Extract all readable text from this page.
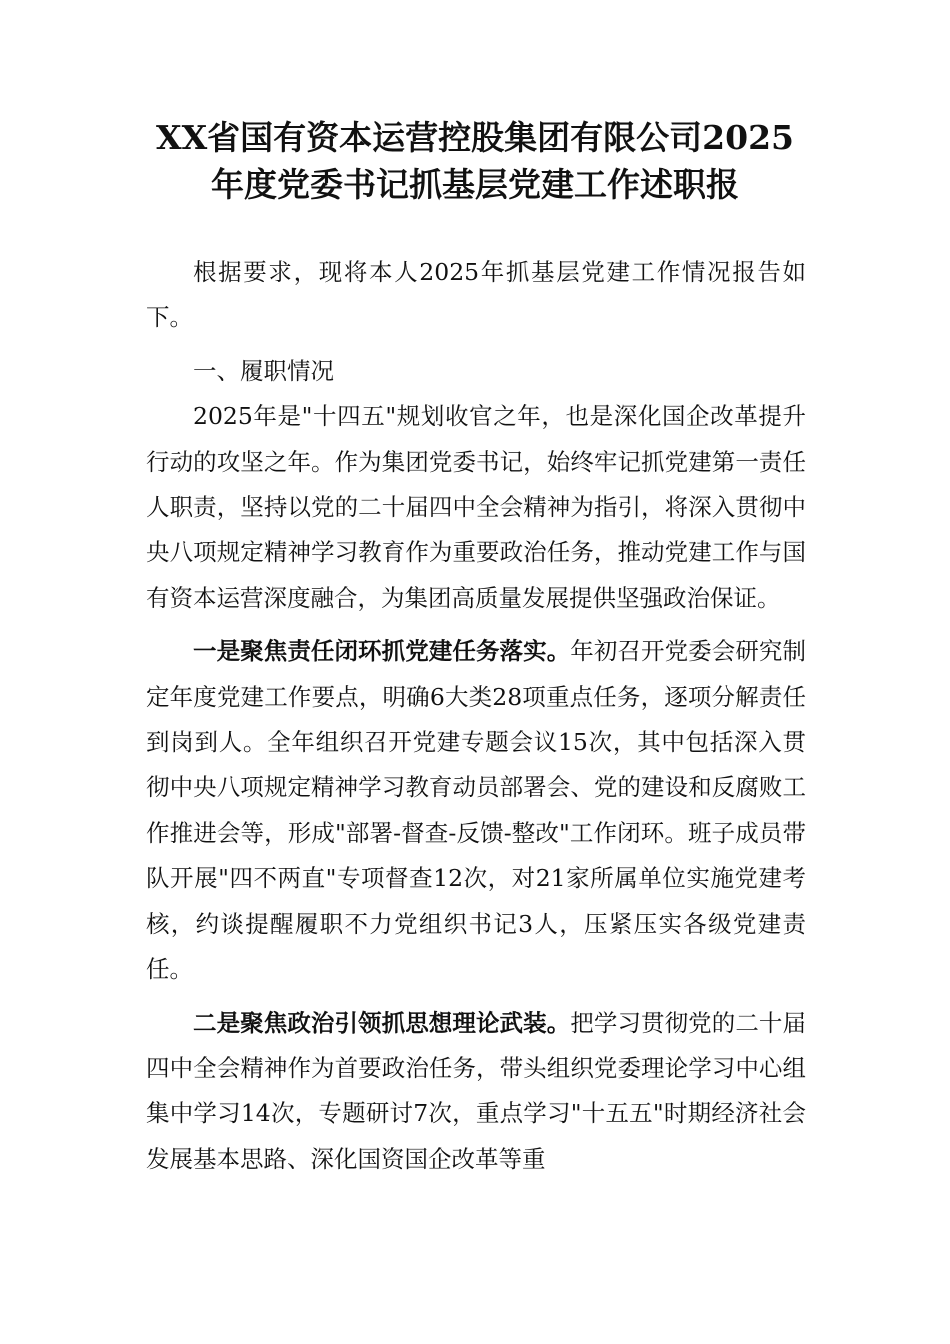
XX省国有资本运营控股集团有限公司2025年度党委书记抓基层党建工作述职报

根据要求，现将本人2025年抓基层党建工作情况报告如下。

一、履职情况

2025年是"十四五"规划收官之年，也是深化国企改革提升行动的攻坚之年。作为集团党委书记，始终牢记抓党建第一责任人职责，坚持以党的二十届四中全会精神为指引，将深入贯彻中央八项规定精神学习教育作为重要政治任务，推动党建工作与国有资本运营深度融合，为集团高质量发展提供坚强政治保证。

一是聚焦责任闭环抓党建任务落实。年初召开党委会研究制定年度党建工作要点，明确6大类28项重点任务，逐项分解责任到岗到人。全年组织召开党建专题会议15次，其中包括深入贯彻中央八项规定精神学习教育动员部署会、党的建设和反腐败工作推进会等，形成"部署-督查-反馈-整改"工作闭环。班子成员带队开展"四不两直"专项督查12次，对21家所属单位实施党建考核，约谈提醒履职不力党组织书记3人，压紧压实各级党建责任。

二是聚焦政治引领抓思想理论武装。把学习贯彻党的二十届四中全会精神作为首要政治任务，带头组织党委理论学习中心组集中学习14次，专题研讨7次，重点学习"十五五"时期经济社会发展基本思路、深化国资国企改革等重
